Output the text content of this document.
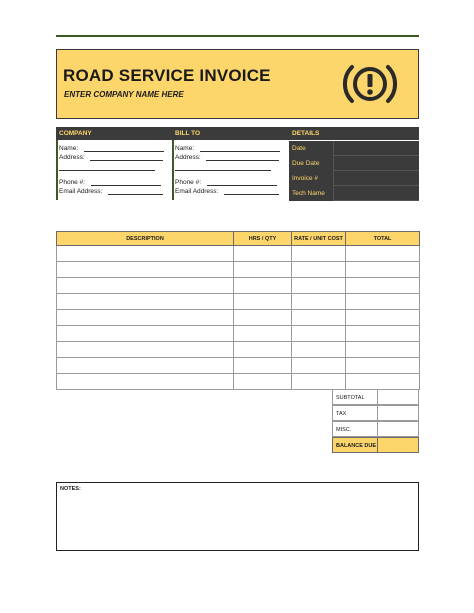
ROAD SERVICE INVOICE
ENTER COMPANY NAME HERE
COMPANY
Name:
Address:
Phone #:
Email Address:
BILL TO
Name:
Address:
Phone #:
Email Address:
DETAILS
Date
Due Date
Invoice #
Tech Name
DESCRIPTION	HRS / QTY	RATE / UNIT COST	TOTAL

SUBTOTAL
TAX
MISC.
BALANCE DUE
NOTES:
